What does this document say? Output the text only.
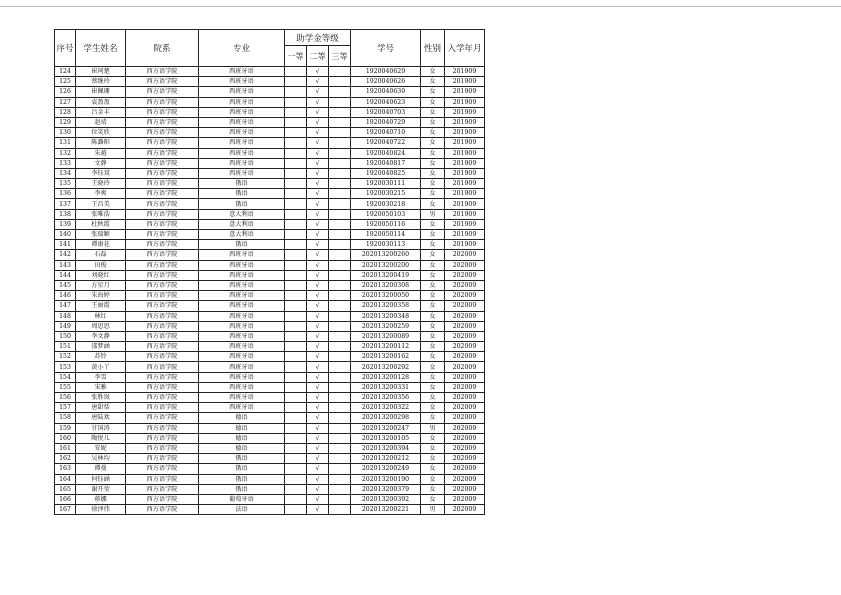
序号	学生姓名	院系	专业	助学金等级			学号	性别	入学年月
				一等	二等	三等			
124	崔珂楚	西方语学院	西班牙语		√		1920040629	女	201909
125	蔡继玲	西方语学院	西班牙语		√		1920040626	女	201909
126	崔佩珊	西方语学院	西班牙语		√		1920040630	女	201909
127	袁盈盈	西方语学院	西班牙语		√		1920040623	女	201909
128	吕金丰	西方语学院	西班牙语		√		1920040703	女	201909
129	赵靖	西方语学院	西班牙语		√		1920040729	女	201909
130	位笑欣	西方语学院	西班牙语		√		1920040710	女	201909
131	陈潞阳	西方语学院	西班牙语		√		1920040722	女	201909
132	朱越	西方语学院	西班牙语		√		1920040824	女	201909
133	文静	西方语学院	西班牙语		√		1920040817	女	201909
134	李钰双	西方语学院	西班牙语		√		1920040825	女	201909
135	王晓玲	西方语学院	俄语		√		1920030111	女	201909
136	李爽	西方语学院	俄语		√		1920030215	女	201909
137	王昌美	西方语学院	俄语		√		1920030218	女	201909
138	张唯浩	西方语学院	意大利语		√		1920050103	男	201909
139	杜秋霞	西方语学院	意大利语		√		1920050116	女	201909
140	张瑞颖	西方语学院	意大利语		√		1920050114	女	201909
141	谭康花	西方语学院	俄语		√		1920030113	女	201909
142	石磊	西方语学院	西班牙语		√		202013200260	女	202009
143	田俊	西方语学院	西班牙语		√		202013200200	女	202009
144	刘晓红	西方语学院	西班牙语		√		202013200419	女	202009
145	方星月	西方语学院	西班牙语		√		202013200308	女	202009
146	朱海婷	西方语学院	西班牙语		√		202013200050	女	202009
147	王丽霞	西方语学院	西班牙语		√		202013200358	女	202009
148	林红	西方语学院	西班牙语		√		202013200348	女	202009
149	周思思	西方语学院	西班牙语		√		202013200259	女	202009
150	李文静	西方语学院	西班牙语		√		202013200089	女	202009
151	邵梦涵	西方语学院	西班牙语		√		202013200112	女	202009
152	苏铃	西方语学院	西班牙语		√		202013200162	女	202009
153	黄小丫	西方语学院	西班牙语		√		202013200292	女	202009
154	李雪	西方语学院	西班牙语		√		202013200128	女	202009
155	宋雅	西方语学院	西班牙语		√		202013200331	女	202009
156	张胜岚	西方语学院	西班牙语		√		202013200356	女	202009
157	唐甜恬	西方语学院	西班牙语		√		202013200322	女	202009
158	唐陆欢	西方语学院	德语		√		202013200298	女	202009
159	甘国涛	西方语学院	德语		√		202013200247	男	202009
160	陶悦儿	西方语学院	德语		√		202013200105	女	202009
161	安妮	西方语学院	德语		√		202013200394	女	202009
162	吴林均	西方语学院	俄语		√		202013200212	女	202009
163	谭曼	西方语学院	俄语		√		202013200249	女	202009
164	何钰涵	西方语学院	俄语		√		202013200190	女	202009
165	谢开莹	西方语学院	俄语		√		202013200379	女	202009
166	蒋娜	西方语学院	葡萄牙语		√		202013200392	女	202009
167	徐泽伟	西方语学院	法语		√		202013200221	男	202009
